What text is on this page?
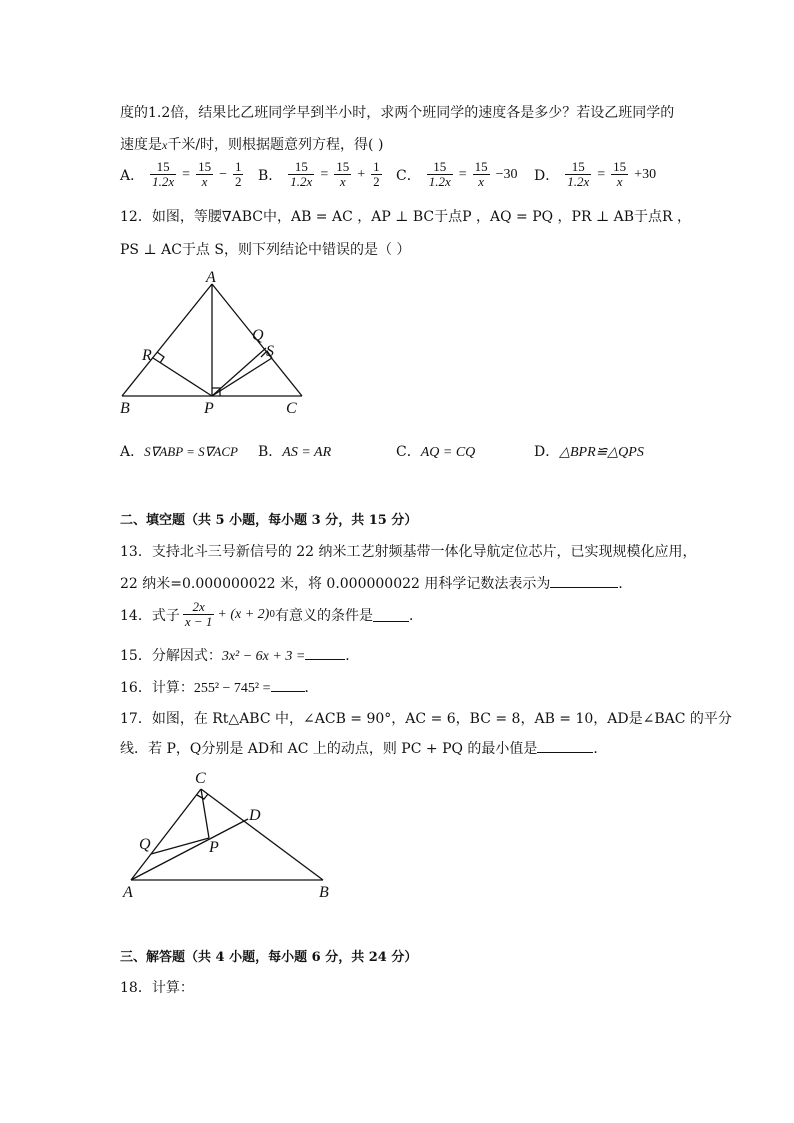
度的1.2倍，结果比乙班同学早到半小时，求两个班同学的速度各是多少？若设乙班同学的
速度是x千米/时，则根据题意列方程，得( )
A． $\frac{15}{1.2x} = \frac{15}{x} - \frac{1}{2}$ B． $\frac{15}{1.2x} = \frac{15}{x} + \frac{1}{2}$ C． $\frac{15}{1.2x} = \frac{15}{x} -30$ D． $\frac{15}{1.2x} = \frac{15}{x} +30$
12．如图，等腰∇ABC中，AB = AC ，AP ⊥ BC于点P ，AQ = PQ ，PR ⊥ AB于点R ，
PS ⊥ AC于点 S，则下列结论中错误的是（ ）
A
B	C
P
Q
R	S
A．S∇ABP = S∇ACP B．AS = AR	C．AQ = CQ	D．△BPR≌△QPS
二、填空题（共 5 小题，每小题 3 分，共 15 分）
13．支持北斗三号新信号的 22 纳米工艺射频基带一体化导航定位芯片，已实现规模化应用，
22 纳米=0.000000022 米，将 0.000000022 用科学记数法表示为	．
14．式子 $\frac{2x}{x - 1} + (x + 2)$ 0 有意义的条件是	．
15．分解因式：3x² − 6x + 3 =	．
16．计算：255² − 745² = ．
17．如图，在 Rt△ABC 中，∠ACB = 90°，AC = 6，BC = 8，AB = 10，AD是∠BAC 的平分
线．若 P，Q分别是 AD和 AC 上的动点，则 PC + PQ 的最小值是	．
C
A	B
D
P
Q
三、解答题（共 4 小题，每小题 6 分，共 24 分）
18．计算：
